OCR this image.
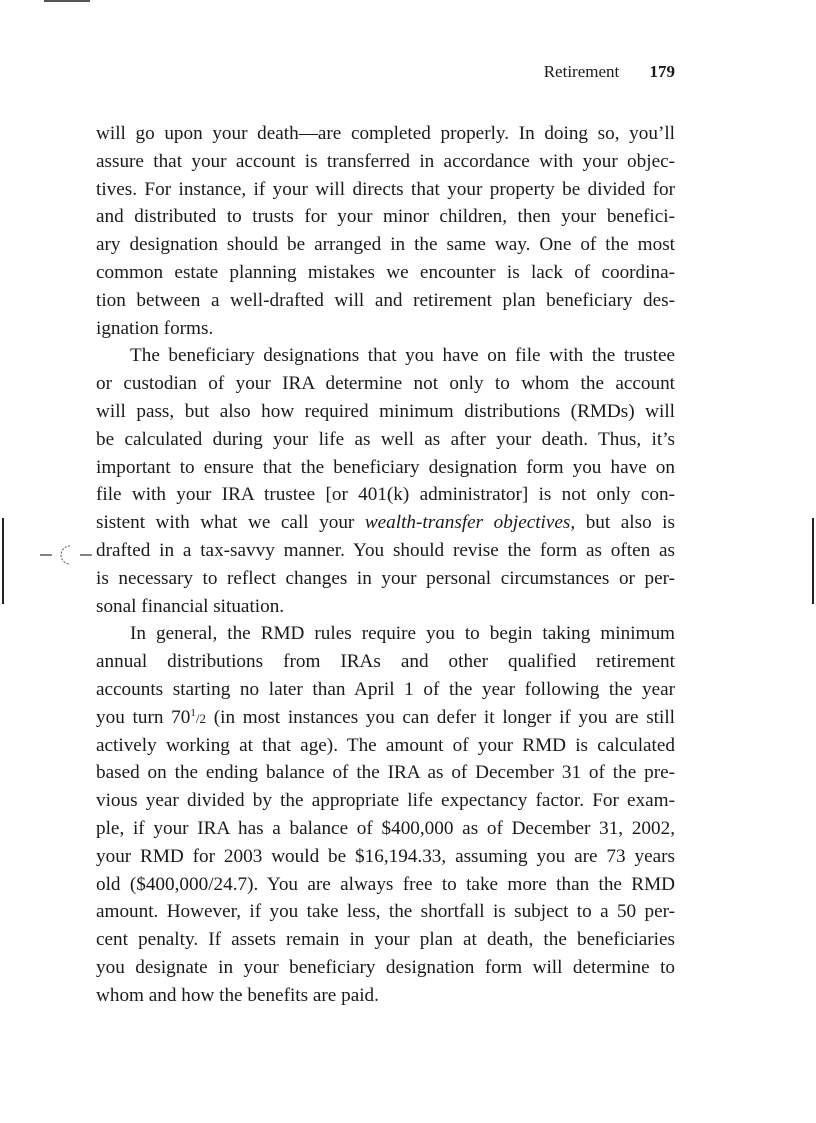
Retirement 179
will go upon your death—are completed properly. In doing so, you’ll
assure that your account is transferred in accordance with your objec-
tives. For instance, if your will directs that your property be divided for
and distributed to trusts for your minor children, then your benefici-
ary designation should be arranged in the same way. One of the most
common estate planning mistakes we encounter is lack of coordina-
tion between a well-drafted will and retirement plan beneficiary des-
ignation forms.
The beneficiary designations that you have on file with the trustee
or custodian of your IRA determine not only to whom the account
will pass, but also how required minimum distributions (RMDs) will
be calculated during your life as well as after your death. Thus, it’s
important to ensure that the beneficiary designation form you have on
file with your IRA trustee [or 401(k) administrator] is not only con-
sistent with what we call your wealth-transfer objectives, but also is
drafted in a tax-savvy manner. You should revise the form as often as
is necessary to reflect changes in your personal circumstances or per-
sonal financial situation.
In general, the RMD rules require you to begin taking minimum
annual distributions from IRAs and other qualified retirement
accounts starting no later than April 1 of the year following the year
you turn $70^1/2$ (in most instances you can defer it longer if you are still
actively working at that age). The amount of your RMD is calculated
based on the ending balance of the IRA as of December 31 of the pre-
vious year divided by the appropriate life expectancy factor. For exam-
ple, if your IRA has a balance of $400,000 as of December 31, 2002,
your RMD for 2003 would be $16,194.33, assuming you are 73 years
old ($400,000/24.7). You are always free to take more than the RMD
amount. However, if you take less, the shortfall is subject to a 50 per-
cent penalty. If assets remain in your plan at death, the beneficiaries
you designate in your beneficiary designation form will determine to
whom and how the benefits are paid.
